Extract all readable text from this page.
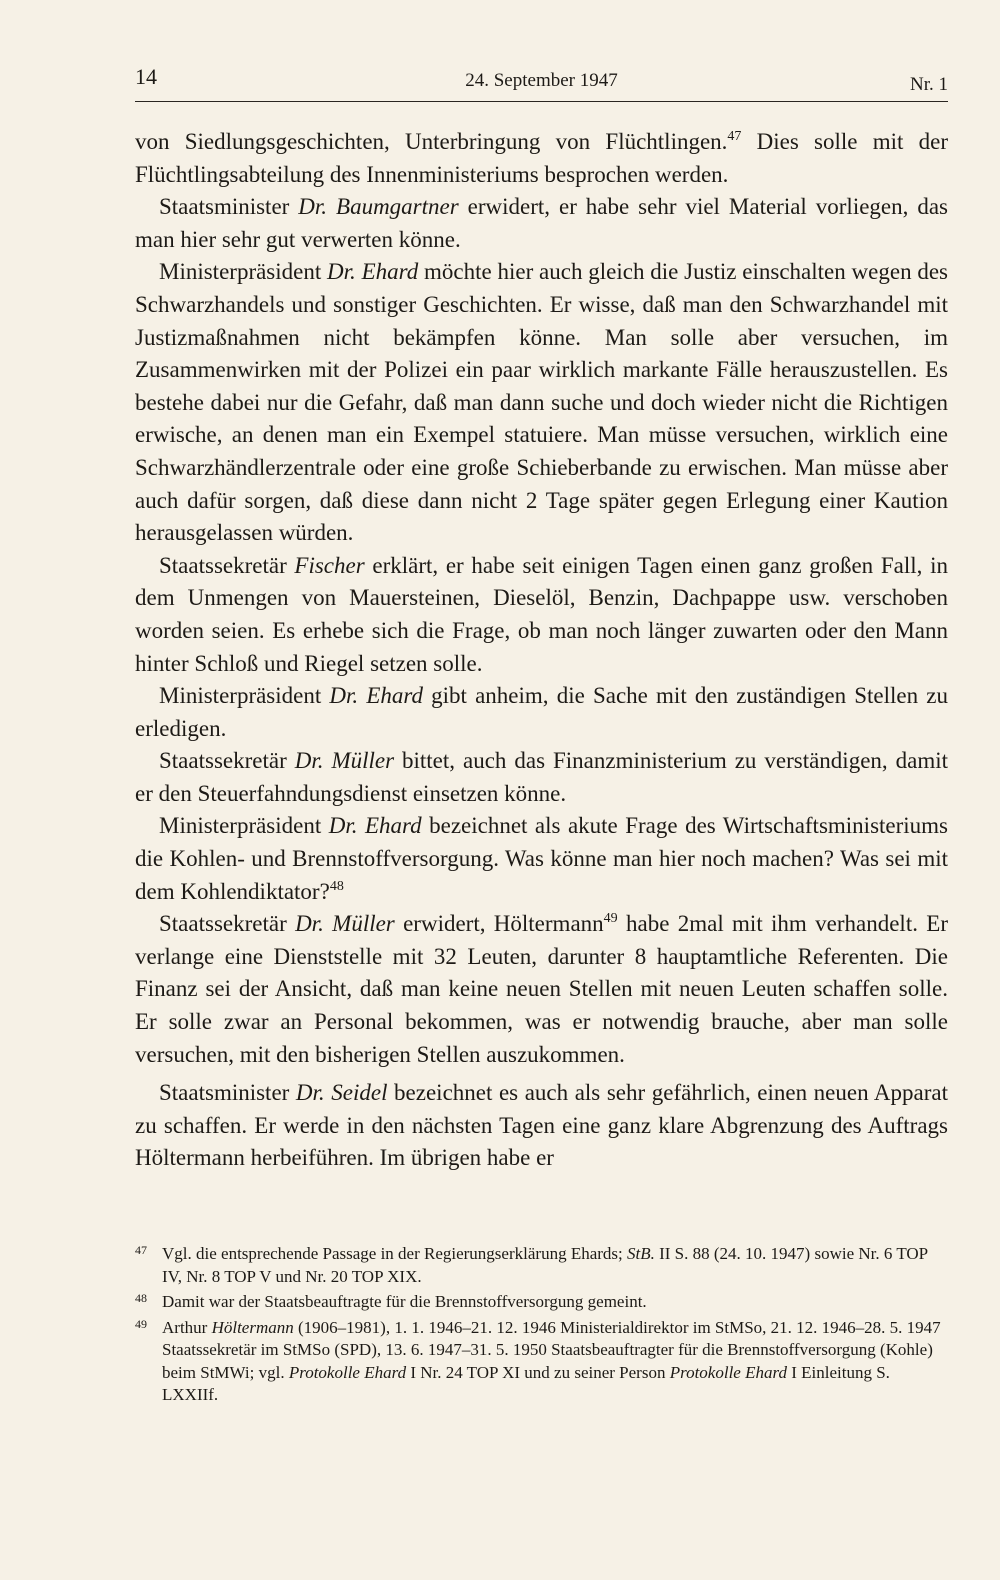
14	24. September 1947	Nr. 1

von Siedlungsgeschichten, Unterbringung von Flüchtlingen.$^{47}$ Dies solle mit der Flüchtlingsabteilung des Innenministeriums besprochen werden.

Staatsminister Dr. Baumgartner erwidert, er habe sehr viel Material vorliegen, das man hier sehr gut verwerten könne.

Ministerpräsident Dr. Ehard möchte hier auch gleich die Justiz einschalten wegen des Schwarzhandels und sonstiger Geschichten. Er wisse, daß man den Schwarzhandel mit Justizmaßnahmen nicht bekämpfen könne. Man solle aber versuchen, im Zusammenwirken mit der Polizei ein paar wirklich markante Fälle herauszustellen. Es bestehe dabei nur die Gefahr, daß man dann suche und doch wieder nicht die Richtigen erwische, an denen man ein Exempel statuiere. Man müsse versuchen, wirklich eine Schwarzhändlerzentrale oder eine große Schieberbande zu erwischen. Man müsse aber auch dafür sorgen, daß diese dann nicht 2 Tage später gegen Erlegung einer Kaution herausgelassen würden.

Staatssekretär Fischer erklärt, er habe seit einigen Tagen einen ganz großen Fall, in dem Unmengen von Mauersteinen, Dieselöl, Benzin, Dachpappe usw. verschoben worden seien. Es erhebe sich die Frage, ob man noch länger zuwarten oder den Mann hinter Schloß und Riegel setzen solle.

Ministerpräsident Dr. Ehard gibt anheim, die Sache mit den zuständigen Stellen zu erledigen.

Staatssekretär Dr. Müller bittet, auch das Finanzministerium zu verständigen, damit er den Steuerfahndungsdienst einsetzen könne.

Ministerpräsident Dr. Ehard bezeichnet als akute Frage des Wirtschaftsministeriums die Kohlen- und Brennstoffversorgung. Was könne man hier noch machen? Was sei mit dem Kohlendiktator?$^{48}$

Staatssekretär Dr. Müller erwidert, Höltermann$^{49}$ habe 2mal mit ihm verhandelt. Er verlange eine Dienststelle mit 32 Leuten, darunter 8 hauptamtliche Referenten. Die Finanz sei der Ansicht, daß man keine neuen Stellen mit neuen Leuten schaffen solle. Er solle zwar an Personal bekommen, was er notwendig brauche, aber man solle versuchen, mit den bisherigen Stellen auszukommen.

Staatsminister Dr. Seidel bezeichnet es auch als sehr gefährlich, einen neuen Apparat zu schaffen. Er werde in den nächsten Tagen eine ganz klare Abgrenzung des Auftrags Höltermann herbeiführen. Im übrigen habe er

47 Vgl. die entsprechende Passage in der Regierungserklärung Ehards; StB. II S. 88 (24. 10. 1947) sowie Nr. 6 TOP IV, Nr. 8 TOP V und Nr. 20 TOP XIX.
48 Damit war der Staatsbeauftragte für die Brennstoffversorgung gemeint.
49 Arthur Höltermann (1906–1981), 1. 1. 1946–21. 12. 1946 Ministerialdirektor im StMSo, 21. 12. 1946–28. 5. 1947 Staatssekretär im StMSo (SPD), 13. 6. 1947–31. 5. 1950 Staatsbeauftragter für die Brennstoffversorgung (Kohle) beim StMWi; vgl. Protokolle Ehard I Nr. 24 TOP XI und zu seiner Person Protokolle Ehard I Einleitung S. LXXIIf.
